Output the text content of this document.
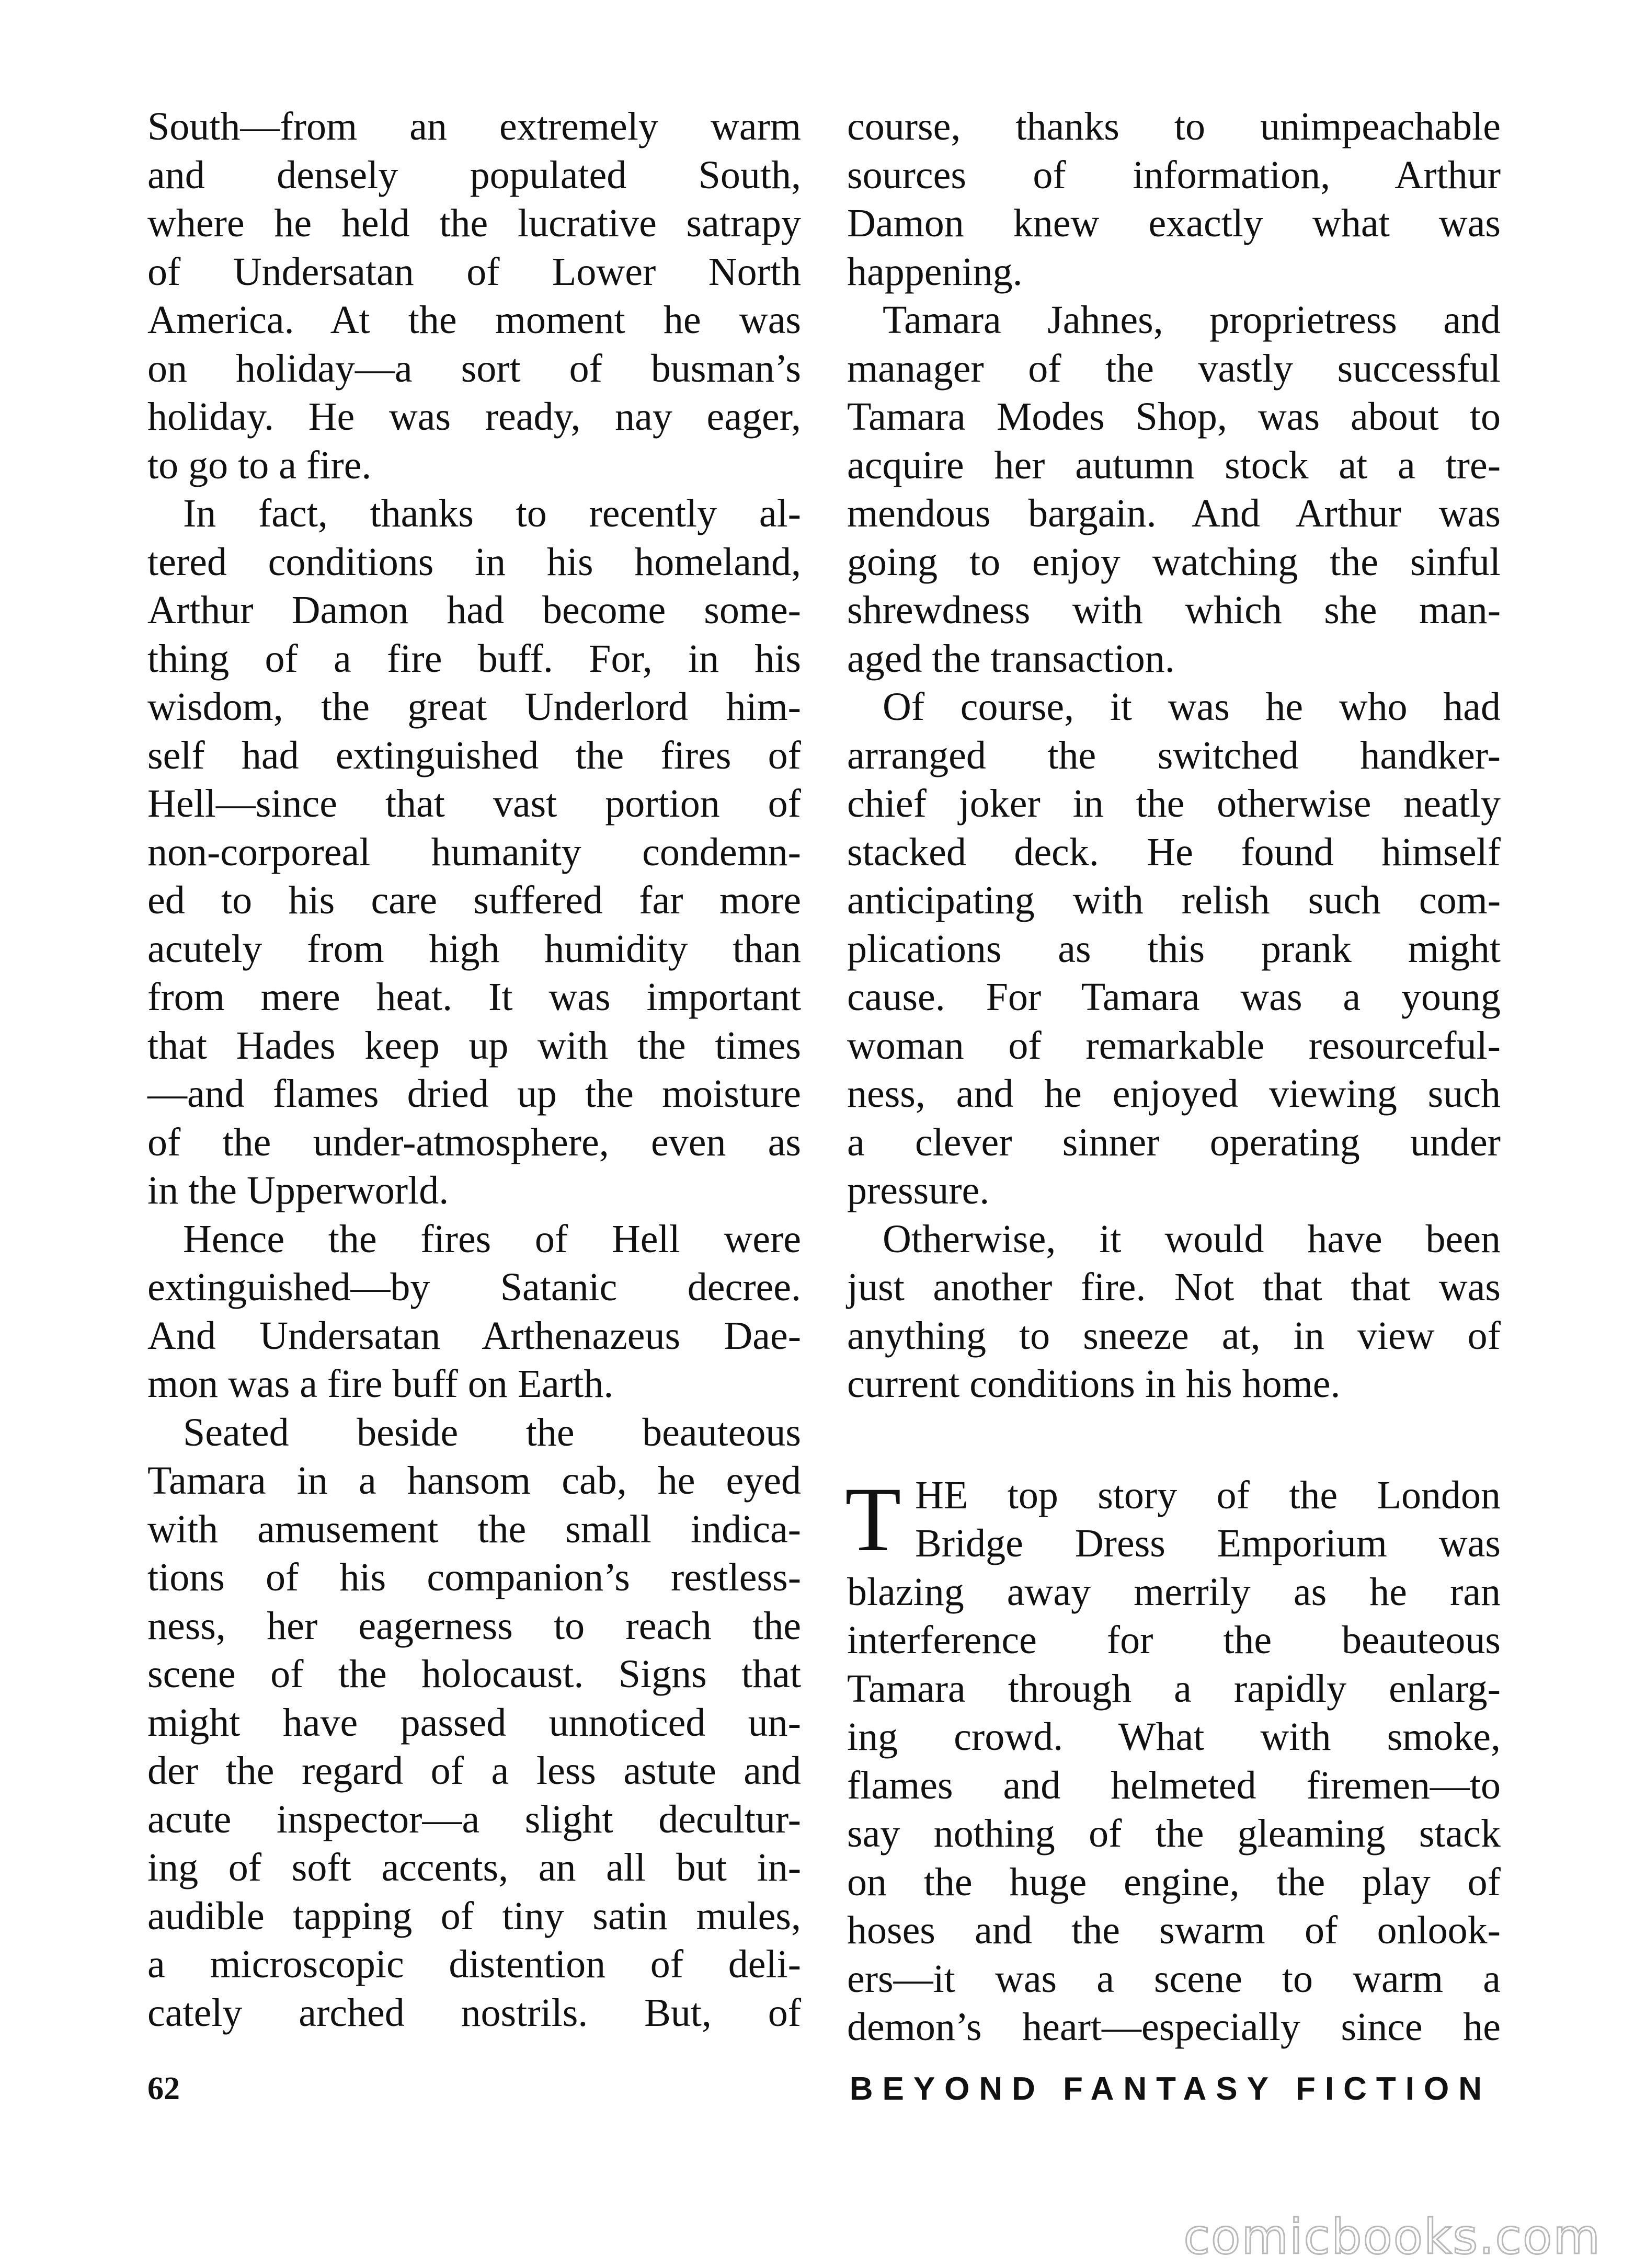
South—from an extremely warm
and densely populated South,
where he held the lucrative satrapy
of Undersatan of Lower North
America. At the moment he was
on holiday—a sort of busman’s
holiday. He was ready, nay eager,
to go to a fire.
In fact, thanks to recently al-
tered conditions in his homeland,
Arthur Damon had become some-
thing of a fire buff. For, in his
wisdom, the great Underlord him-
self had extinguished the fires of
Hell—since that vast portion of
non-corporeal humanity condemn-
ed to his care suffered far more
acutely from high humidity than
from mere heat. It was important
that Hades keep up with the times
—and flames dried up the moisture
of the under-atmosphere, even as
in the Upperworld.
Hence the fires of Hell were
extinguished—by Satanic decree.
And Undersatan Arthenazeus Dae-
mon was a fire buff on Earth.
Seated beside the beauteous
Tamara in a hansom cab, he eyed
with amusement the small indica-
tions of his companion’s restless-
ness, her eagerness to reach the
scene of the holocaust. Signs that
might have passed unnoticed un-
der the regard of a less astute and
acute inspector—a slight decultur-
ing of soft accents, an all but in-
audible tapping of tiny satin mules,
a microscopic distention of deli-
cately arched nostrils. But, of
course, thanks to unimpeachable
sources of information, Arthur
Damon knew exactly what was
happening.
Tamara Jahnes, proprietress and
manager of the vastly successful
Tamara Modes Shop, was about to
acquire her autumn stock at a tre-
mendous bargain. And Arthur was
going to enjoy watching the sinful
shrewdness with which she man-
aged the transaction.
Of course, it was he who had
arranged the switched handker-
chief joker in the otherwise neatly
stacked deck. He found himself
anticipating with relish such com-
plications as this prank might
cause. For Tamara was a young
woman of remarkable resourceful-
ness, and he enjoyed viewing such
a clever sinner operating under
pressure.
Otherwise, it would have been
just another fire. Not that that was
anything to sneeze at, in view of
current conditions in his home.
T HE top story of the London
Bridge Dress Emporium was
blazing away merrily as he ran
interference for the beauteous
Tamara through a rapidly enlarg-
ing crowd. What with smoke,
flames and helmeted firemen—to
say nothing of the gleaming stack
on the huge engine, the play of
hoses and the swarm of onlook-
ers—it was a scene to warm a
demon’s heart—especially since he
62	BEYOND FANTASY FICTION
comicbooks.com
